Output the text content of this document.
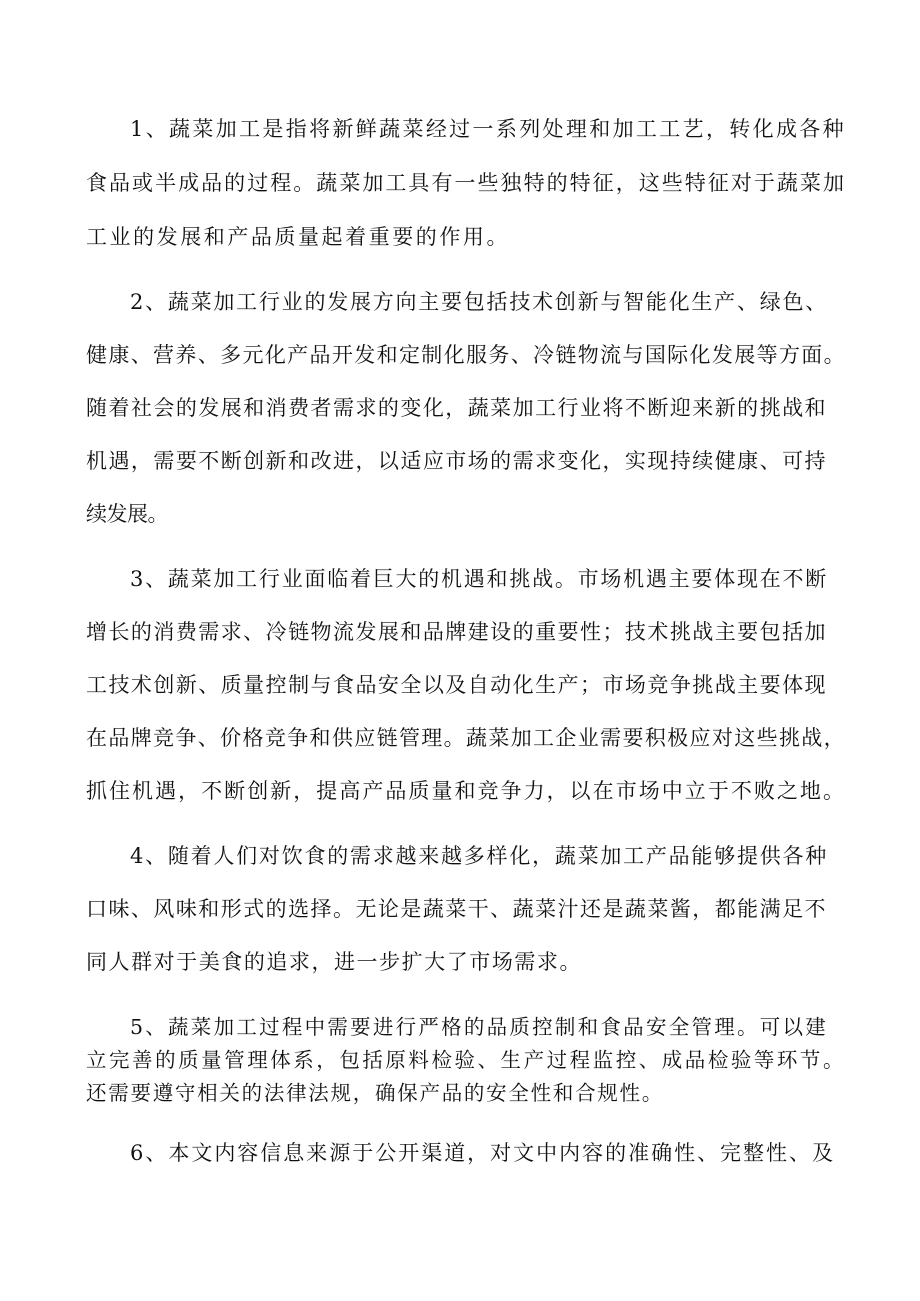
1、蔬菜加工是指将新鲜蔬菜经过一系列处理和加工工艺，转化成各种
食品或半成品的过程。蔬菜加工具有一些独特的特征，这些特征对于蔬菜加
工业的发展和产品质量起着重要的作用。
2、蔬菜加工行业的发展方向主要包括技术创新与智能化生产、绿色、
健康、营养、多元化产品开发和定制化服务、冷链物流与国际化发展等方面。
随着社会的发展和消费者需求的变化，蔬菜加工行业将不断迎来新的挑战和
机遇，需要不断创新和改进，以适应市场的需求变化，实现持续健康、可持
续发展。
3、蔬菜加工行业面临着巨大的机遇和挑战。市场机遇主要体现在不断
增长的消费需求、冷链物流发展和品牌建设的重要性；技术挑战主要包括加
工技术创新、质量控制与食品安全以及自动化生产；市场竞争挑战主要体现
在品牌竞争、价格竞争和供应链管理。蔬菜加工企业需要积极应对这些挑战，
抓住机遇，不断创新，提高产品质量和竞争力，以在市场中立于不败之地。
4、随着人们对饮食的需求越来越多样化，蔬菜加工产品能够提供各种
口味、风味和形式的选择。无论是蔬菜干、蔬菜汁还是蔬菜酱，都能满足不
同人群对于美食的追求，进一步扩大了市场需求。
5、蔬菜加工过程中需要进行严格的品质控制和食品安全管理。可以建
立完善的质量管理体系，包括原料检验、生产过程监控、成品检验等环节。
还需要遵守相关的法律法规，确保产品的安全性和合规性。
6、本文内容信息来源于公开渠道，对文中内容的准确性、完整性、及
